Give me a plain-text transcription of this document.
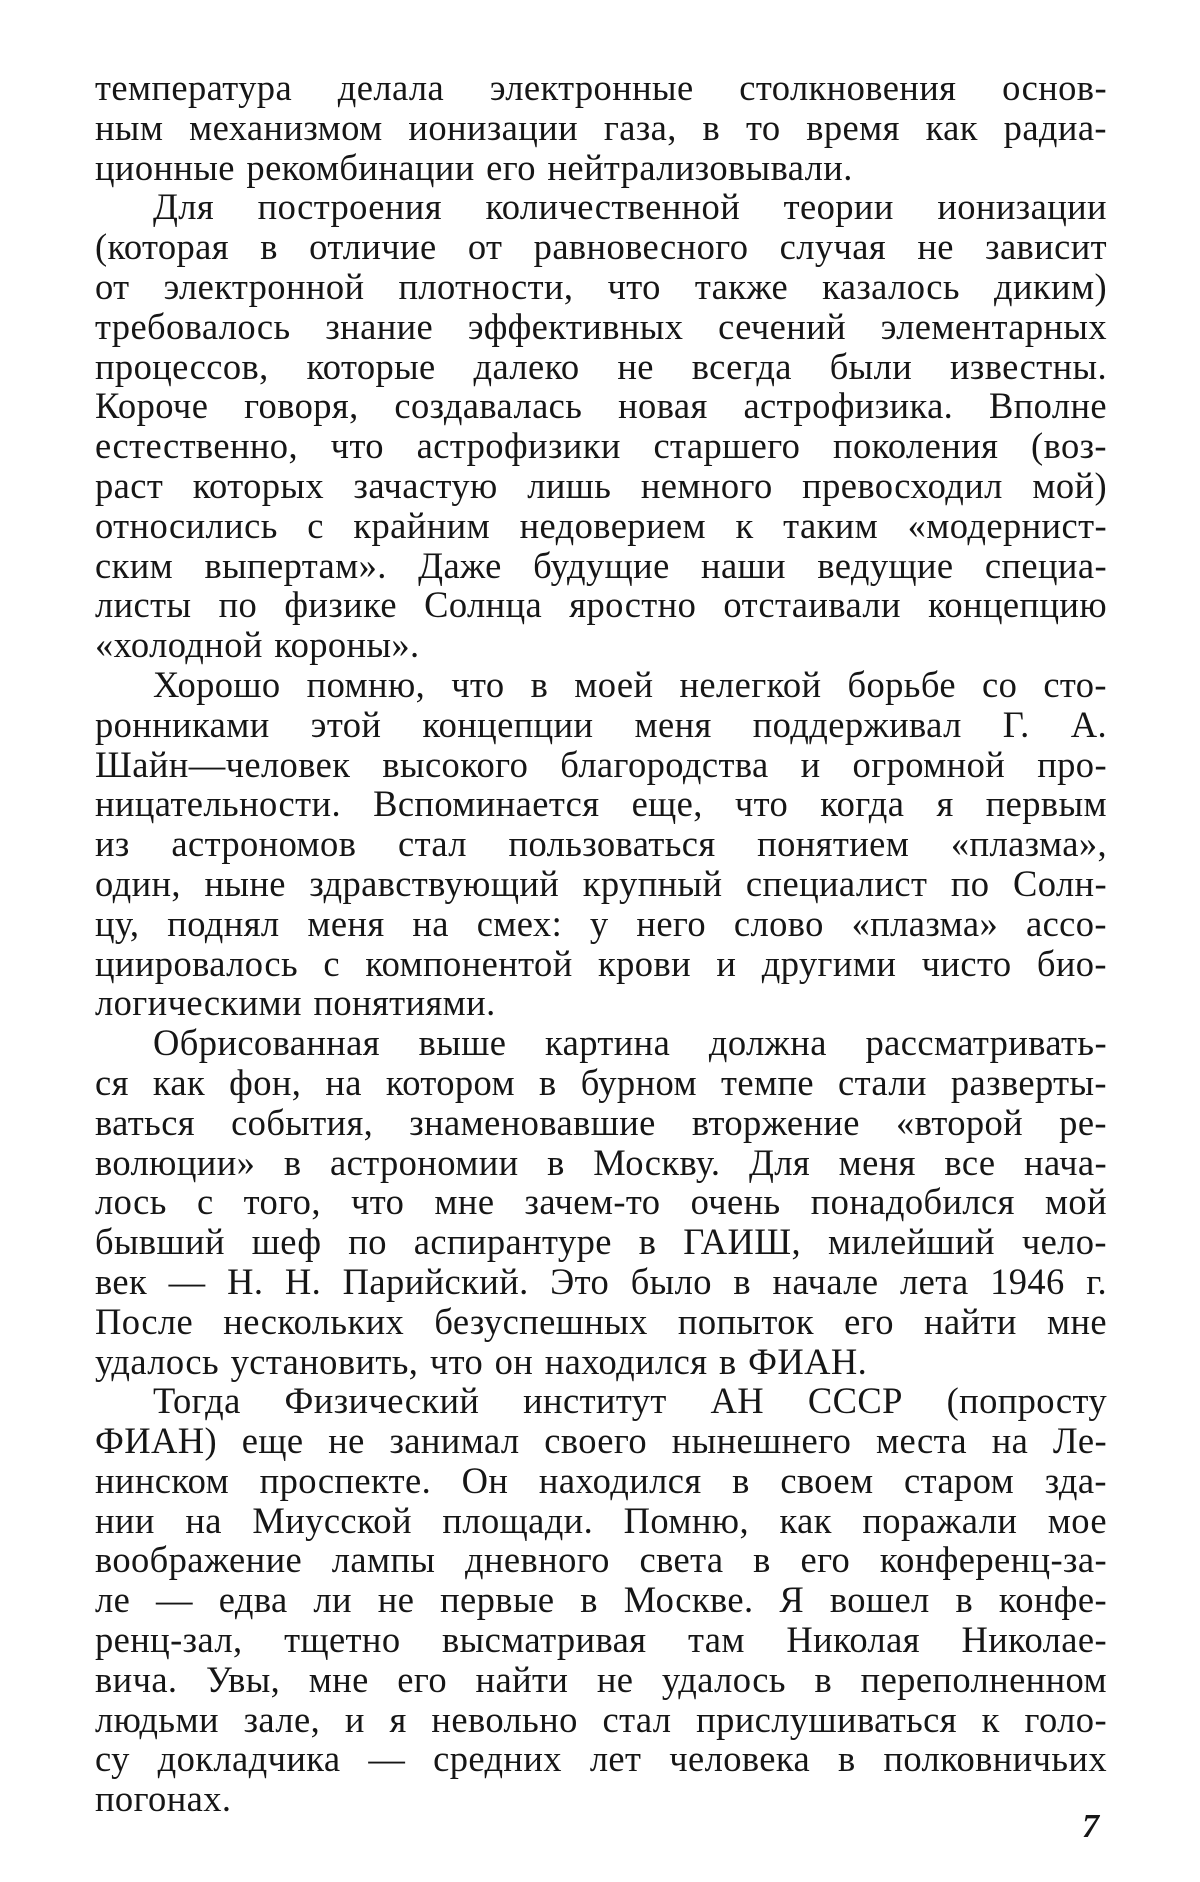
температура делала электронные столкновения основ-
ным механизмом ионизации газа, в то время как радиа-
ционные рекомбинации его нейтрализовывали.
Для построения количественной теории ионизации
(которая в отличие от равновесного случая не зависит
от электронной плотности, что также казалось диким)
требовалось знание эффективных сечений элементарных
процессов, которые далеко не всегда были известны.
Короче говоря, создавалась новая астрофизика. Вполне
естественно, что астрофизики старшего поколения (воз-
раст которых зачастую лишь немного превосходил мой)
относились с крайним недоверием к таким «модернист-
ским выпертам». Даже будущие наши ведущие специа-
листы по физике Солнца яростно отстаивали концепцию
«холодной короны».
Хорошо помню, что в моей нелегкой борьбе со сто-
ронниками этой концепции меня поддерживал Г. А.
Шайн—человек высокого благородства и огромной про-
ницательности. Вспоминается еще, что когда я первым
из астрономов стал пользоваться понятием «плазма»,
один, ныне здравствующий крупный специалист по Солн-
цу, поднял меня на смех: у него слово «плазма» ассо-
циировалось с компонентой крови и другими чисто био-
логическими понятиями.
Обрисованная выше картина должна рассматривать-
ся как фон, на котором в бурном темпе стали разверты-
ваться события, знаменовавшие вторжение «второй ре-
волюции» в астрономии в Москву. Для меня все нача-
лось с того, что мне зачем-то очень понадобился мой
бывший шеф по аспирантуре в ГАИШ, милейший чело-
век — Н. Н. Парийский. Это было в начале лета 1946 г.
После нескольких безуспешных попыток его найти мне
удалось установить, что он находился в ФИАН.
Тогда Физический институт АН СССР (попросту
ФИАН) еще не занимал своего нынешнего места на Ле-
нинском проспекте. Он находился в своем старом зда-
нии на Миусской площади. Помню, как поражали мое
воображение лампы дневного света в его конференц-за-
ле — едва ли не первые в Москве. Я вошел в конфе-
ренц-зал, тщетно высматривая там Николая Николае-
вича. Увы, мне его найти не удалось в переполненном
людьми зале, и я невольно стал прислушиваться к голо-
су докладчика — средних лет человека в полковничьих
погонах.
7
